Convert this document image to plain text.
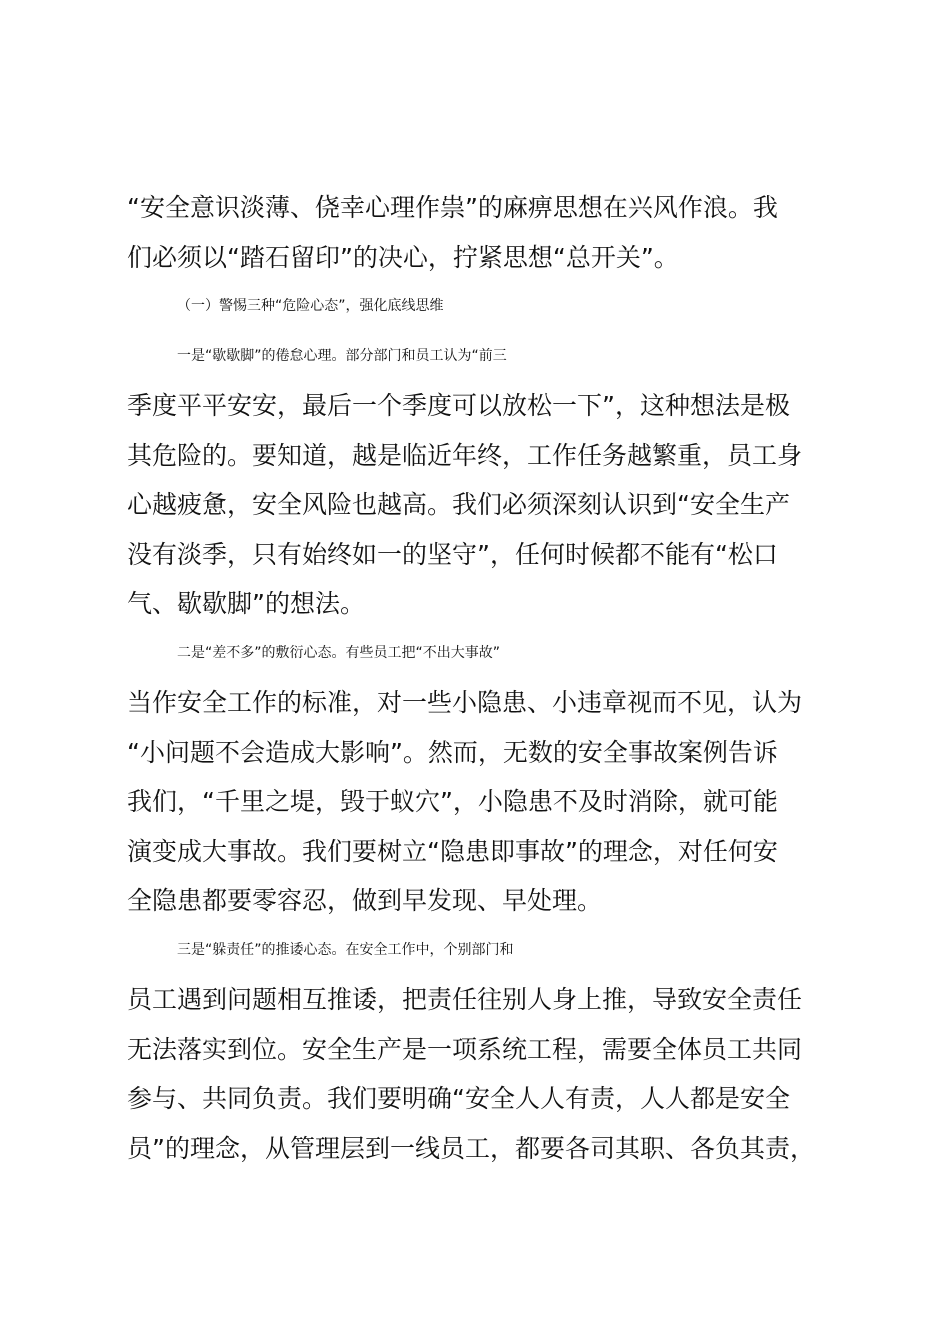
“安全意识淡薄、侥幸心理作祟”的麻痹思想在兴风作浪。我
们必须以“踏石留印”的决心，拧紧思想“总开关”。
（一）警惕三种“危险心态”，强化底线思维
一是“歇歇脚”的倦怠心理。部分部门和员工认为“前三
季度平平安安，最后一个季度可以放松一下”，这种想法是极
其危险的。要知道，越是临近年终，工作任务越繁重，员工身
心越疲惫，安全风险也越高。我们必须深刻认识到“安全生产
没有淡季，只有始终如一的坚守”，任何时候都不能有“松口
气、歇歇脚”的想法。
二是“差不多”的敷衍心态。有些员工把“不出大事故”
当作安全工作的标准，对一些小隐患、小违章视而不见，认为
“小问题不会造成大影响”。然而，无数的安全事故案例告诉
我们，“千里之堤，毁于蚁穴”，小隐患不及时消除，就可能
演变成大事故。我们要树立“隐患即事故”的理念，对任何安
全隐患都要零容忍，做到早发现、早处理。
三是“躲责任”的推诿心态。在安全工作中，个别部门和
员工遇到问题相互推诿，把责任往别人身上推，导致安全责任
无法落实到位。安全生产是一项系统工程，需要全体员工共同
参与、共同负责。我们要明确“安全人人有责，人人都是安全
员”的理念，从管理层到一线员工，都要各司其职、各负其责，
